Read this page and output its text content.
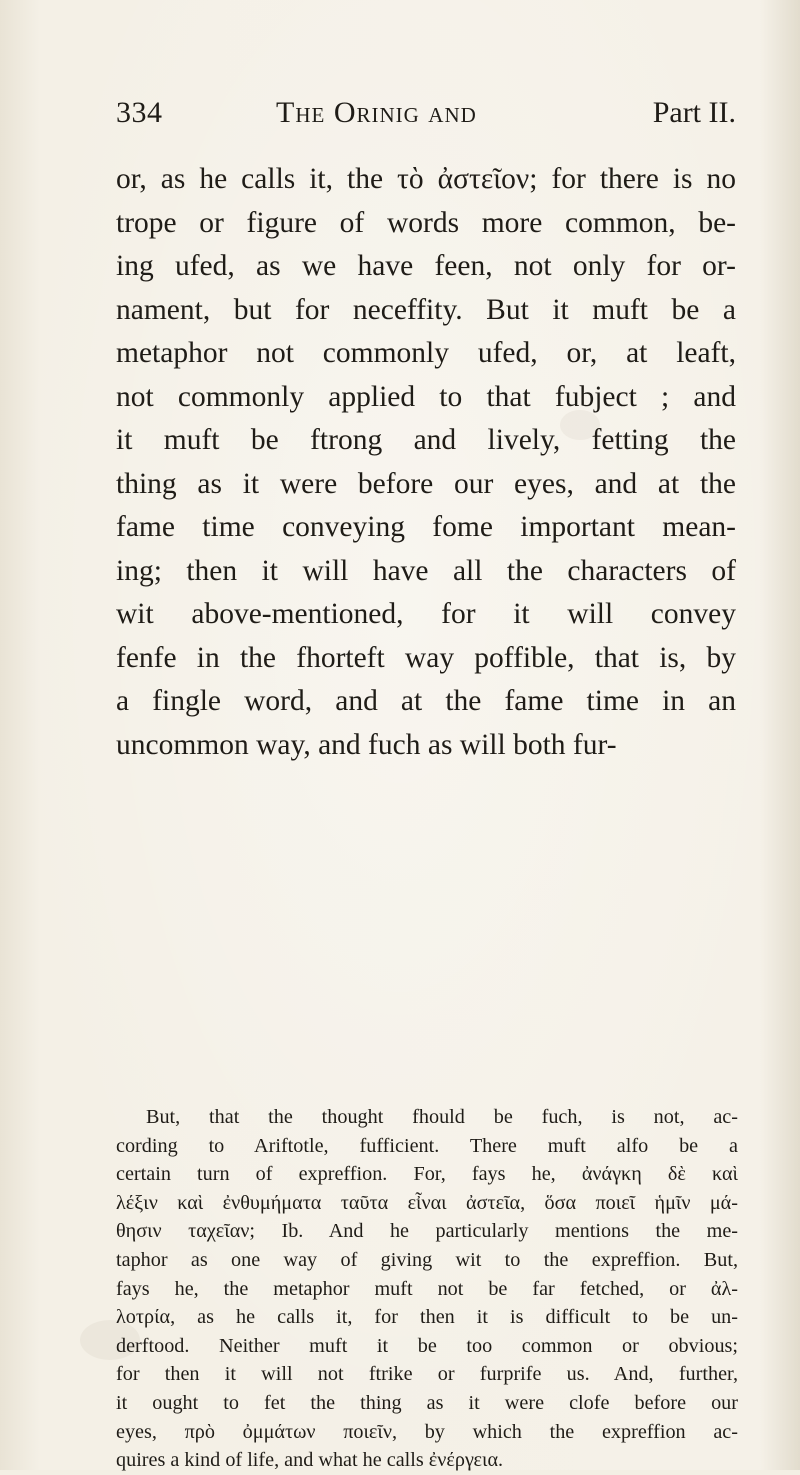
334	The Orinig and	Part II.
or, as he calls it, the τὸ ἀστεῖον; for there is no
trope or figure of words more common, be-
ing ufed, as we have feen, not only for or-
nament, but for neceffity. But it muft be a
metaphor not commonly ufed, or, at leaft,
not commonly applied to that fubject ; and
it muft be ftrong and lively, fetting the
thing as it were before our eyes, and at the
fame time conveying fome important mean-
ing; then it will have all the characters of
wit above-mentioned, for it will convey
fenfe in the fhorteft way poffible, that is, by
a fingle word, and at the fame time in an
uncommon way, and fuch as will both fur-
But, that the thought fhould be fuch, is not, ac-
cording to Ariftotle, fufficient. There muft alfo be a
certain turn of expreffion. For, fays he, ἀνάγκη δὲ καὶ
λέξιν καὶ ἐνθυμήματα ταῦτα εἶναι ἀστεῖα, ὅσα ποιεῖ ἡμῖν μά-
θησιν ταχεῖαν; Ib. And he particularly mentions the me-
taphor as one way of giving wit to the expreffion. But,
fays he, the metaphor muft not be far fetched, or ἀλ-
λοτρία, as he calls it, for then it is difficult to be un-
derftood. Neither muft it be too common or obvious;
for then it will not ftrike or furprife us. And, further,
it ought to fet the thing as it were clofe before our
eyes, πρὸ ὀμμάτων ποιεῖν, by which the expreffion ac-
quires a kind of life, and what he calls ἐνέργεια.
